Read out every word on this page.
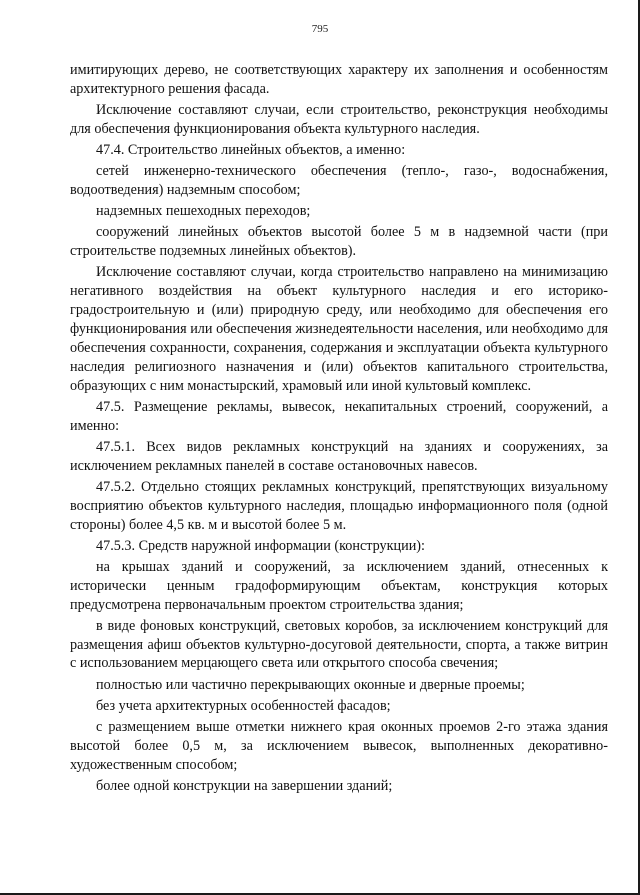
795

имитирующих дерево, не соответствующих характеру их заполнения и особенностям архитектурного решения фасада.

Исключение составляют случаи, если строительство, реконструкция необходимы для обеспечения функционирования объекта культурного наследия.

47.4. Строительство линейных объектов, а именно:

сетей инженерно-технического обеспечения (тепло-, газо-, водоснабжения, водоотведения) надземным способом;

надземных пешеходных переходов;

сооружений линейных объектов высотой более 5 м в надземной части (при строительстве подземных линейных объектов).

Исключение составляют случаи, когда строительство направлено на минимизацию негативного воздействия на объект культурного наследия и его историко-градостроительную и (или) природную среду, или необходимо для обеспечения его функционирования или обеспечения жизнедеятельности населения, или необходимо для обеспечения сохранности, сохранения, содержания и эксплуатации объекта культурного наследия религиозного назначения и (или) объектов капитального строительства, образующих с ним монастырский, храмовый или иной культовый комплекс.

47.5. Размещение рекламы, вывесок, некапитальных строений, сооружений, а именно:

47.5.1. Всех видов рекламных конструкций на зданиях и сооружениях, за исключением рекламных панелей в составе остановочных навесов.

47.5.2. Отдельно стоящих рекламных конструкций, препятствующих визуальному восприятию объектов культурного наследия, площадью информационного поля (одной стороны) более 4,5 кв. м и высотой более 5 м.

47.5.3. Средств наружной информации (конструкции):

на крышах зданий и сооружений, за исключением зданий, отнесенных к исторически ценным градоформирующим объектам, конструкция которых предусмотрена первоначальным проектом строительства здания;

в виде фоновых конструкций, световых коробов, за исключением конструкций для размещения афиш объектов культурно-досуговой деятельности, спорта, а также витрин с использованием мерцающего света или открытого способа свечения;

полностью или частично перекрывающих оконные и дверные проемы;

без учета архитектурных особенностей фасадов;

с размещением выше отметки нижнего края оконных проемов 2-го этажа здания высотой более 0,5 м, за исключением вывесок, выполненных декоративно-художественным способом;

более одной конструкции на завершении зданий;
